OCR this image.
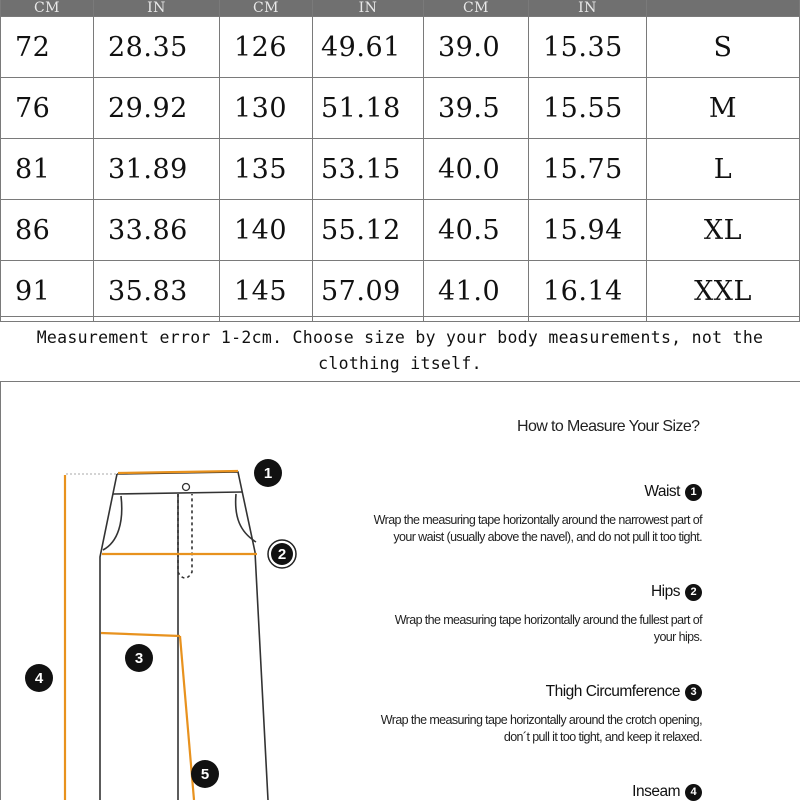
CM	IN	CM	IN	CM	IN	

72	28.35	126	49.61	39.0	15.35	S

76	29.92	130	51.18	39.5	15.55	M

81	31.89	135	53.15	40.0	15.75	L

86	33.86	140	55.12	40.5	15.94	XL

91	35.83	145	57.09	41.0	16.14	XXL
Measurement error 1-2cm. Choose size by your body measurements, not the
clothing itself.
1
2
3
4
5
How to Measure Your Size?
Waist 1
Wrap the measuring tape horizontally around the narrowest part of
your waist (usually above the navel), and do not pull it too tight.
Hips 2
Wrap the measuring tape horizontally around the fullest part of
your hips.
Thigh Circumference 3
Wrap the measuring tape horizontally around the crotch opening,
don´t pull it too tight, and keep it relaxed.
Inseam 4
